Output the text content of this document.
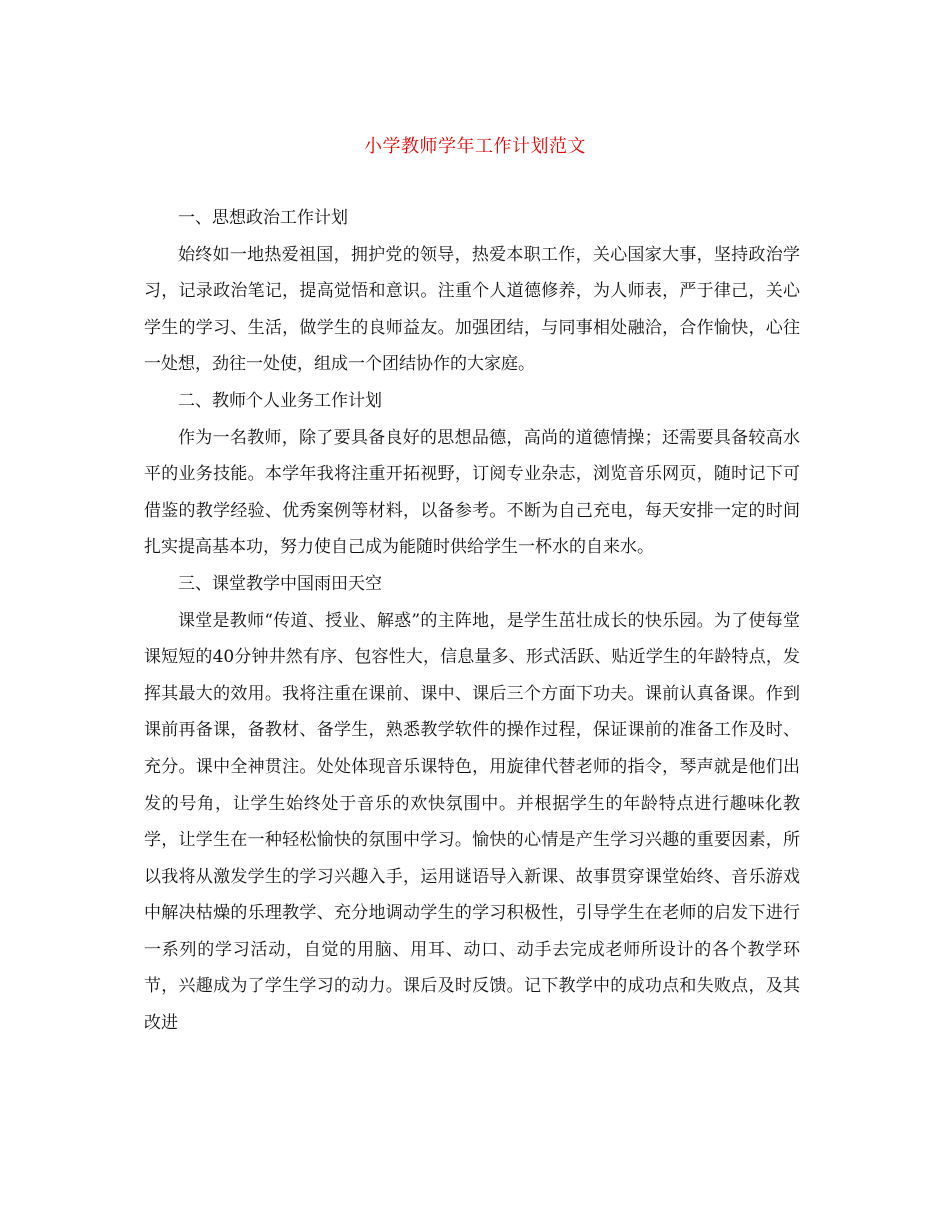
小学教师学年工作计划范文

一、思想政治工作计划

始终如一地热爱祖国，拥护党的领导，热爱本职工作，关心国家大事，坚持政治学习，记录政治笔记，提高觉悟和意识。注重个人道德修养，为人师表，严于律己，关心学生的学习、生活，做学生的良师益友。加强团结，与同事相处融洽，合作愉快，心往一处想，劲往一处使，组成一个团结协作的大家庭。

二、教师个人业务工作计划

作为一名教师，除了要具备良好的思想品德，高尚的道德情操；还需要具备较高水平的业务技能。本学年我将注重开拓视野，订阅专业杂志，浏览音乐网页，随时记下可借鉴的教学经验、优秀案例等材料，以备参考。不断为自己充电，每天安排一定的时间扎实提高基本功，努力使自己成为能随时供给学生一杯水的自来水。

三、课堂教学中国雨田天空

课堂是教师“传道、授业、解惑”的主阵地，是学生茁壮成长的快乐园。为了使每堂课短短的40分钟井然有序、包容性大，信息量多、形式活跃、贴近学生的年龄特点，发挥其最大的效用。我将注重在课前、课中、课后三个方面下功夫。课前认真备课。作到课前再备课，备教材、备学生，熟悉教学软件的操作过程，保证课前的准备工作及时、充分。课中全神贯注。处处体现音乐课特色，用旋律代替老师的指令，琴声就是他们出发的号角，让学生始终处于音乐的欢快氛围中。并根据学生的年龄特点进行趣味化教学，让学生在一种轻松愉快的氛围中学习。愉快的心情是产生学习兴趣的重要因素，所以我将从激发学生的学习兴趣入手，运用谜语导入新课、故事贯穿课堂始终、音乐游戏中解决枯燥的乐理教学、充分地调动学生的学习积极性，引导学生在老师的启发下进行一系列的学习活动，自觉的用脑、用耳、动口、动手去完成老师所设计的各个教学环节，兴趣成为了学生学习的动力。课后及时反馈。记下教学中的成功点和失败点，及其改进
